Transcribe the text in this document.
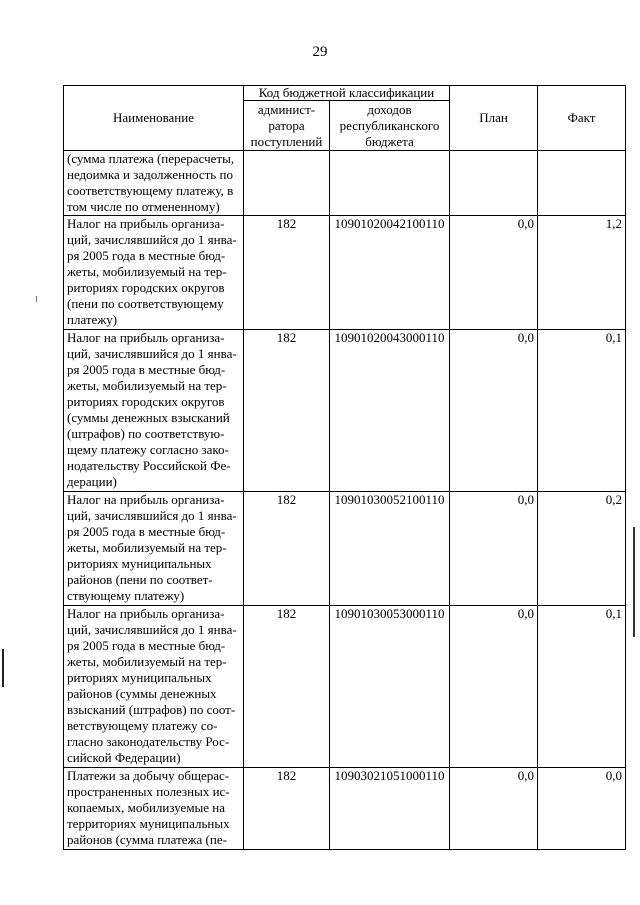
29
Наименование	Код бюджетной классификации		План	Факт
	админист-ратора поступлений	доходов республиканского бюджета		
(сумма платежа (перерасчеты, недоимка и задолженность по соответствующему платежу, в том числе по отмененному)				
Налог на прибыль организа-ций, зачислявшийся до 1 янва-ря 2005 года в местные бюд-жеты, мобилизуемый на тер-риториях городских округов (пени по соответствующему платежу)	182	10901020042100110	0,0	1,2
Налог на прибыль организа-ций, зачислявшийся до 1 янва-ря 2005 года в местные бюд-жеты, мобилизуемый на тер-риториях городских округов (суммы денежных взысканий (штрафов) по соответствую-щему платежу согласно зако-нодательству Российской Фе-дерации)	182	10901020043000110	0,0	0,1
Налог на прибыль организа-ций, зачислявшийся до 1 янва-ря 2005 года в местные бюд-жеты, мобилизуемый на тер-риториях муниципальных районов (пени по соответ-ствующему платежу)	182	10901030052100110	0,0	0,2
Налог на прибыль организа-ций, зачислявшийся до 1 янва-ря 2005 года в местные бюд-жеты, мобилизуемый на тер-риториях муниципальных районов (суммы денежных взысканий (штрафов) по соот-ветствующему платежу со-гласно законодательству Рос-сийской Федерации)	182	10901030053000110	0,0	0,1
Платежи за добычу общерас-пространенных полезных ис-копаемых, мобилизуемые на территориях муниципальных районов (сумма платежа (пе-	182	10903021051000110	0,0	0,0
